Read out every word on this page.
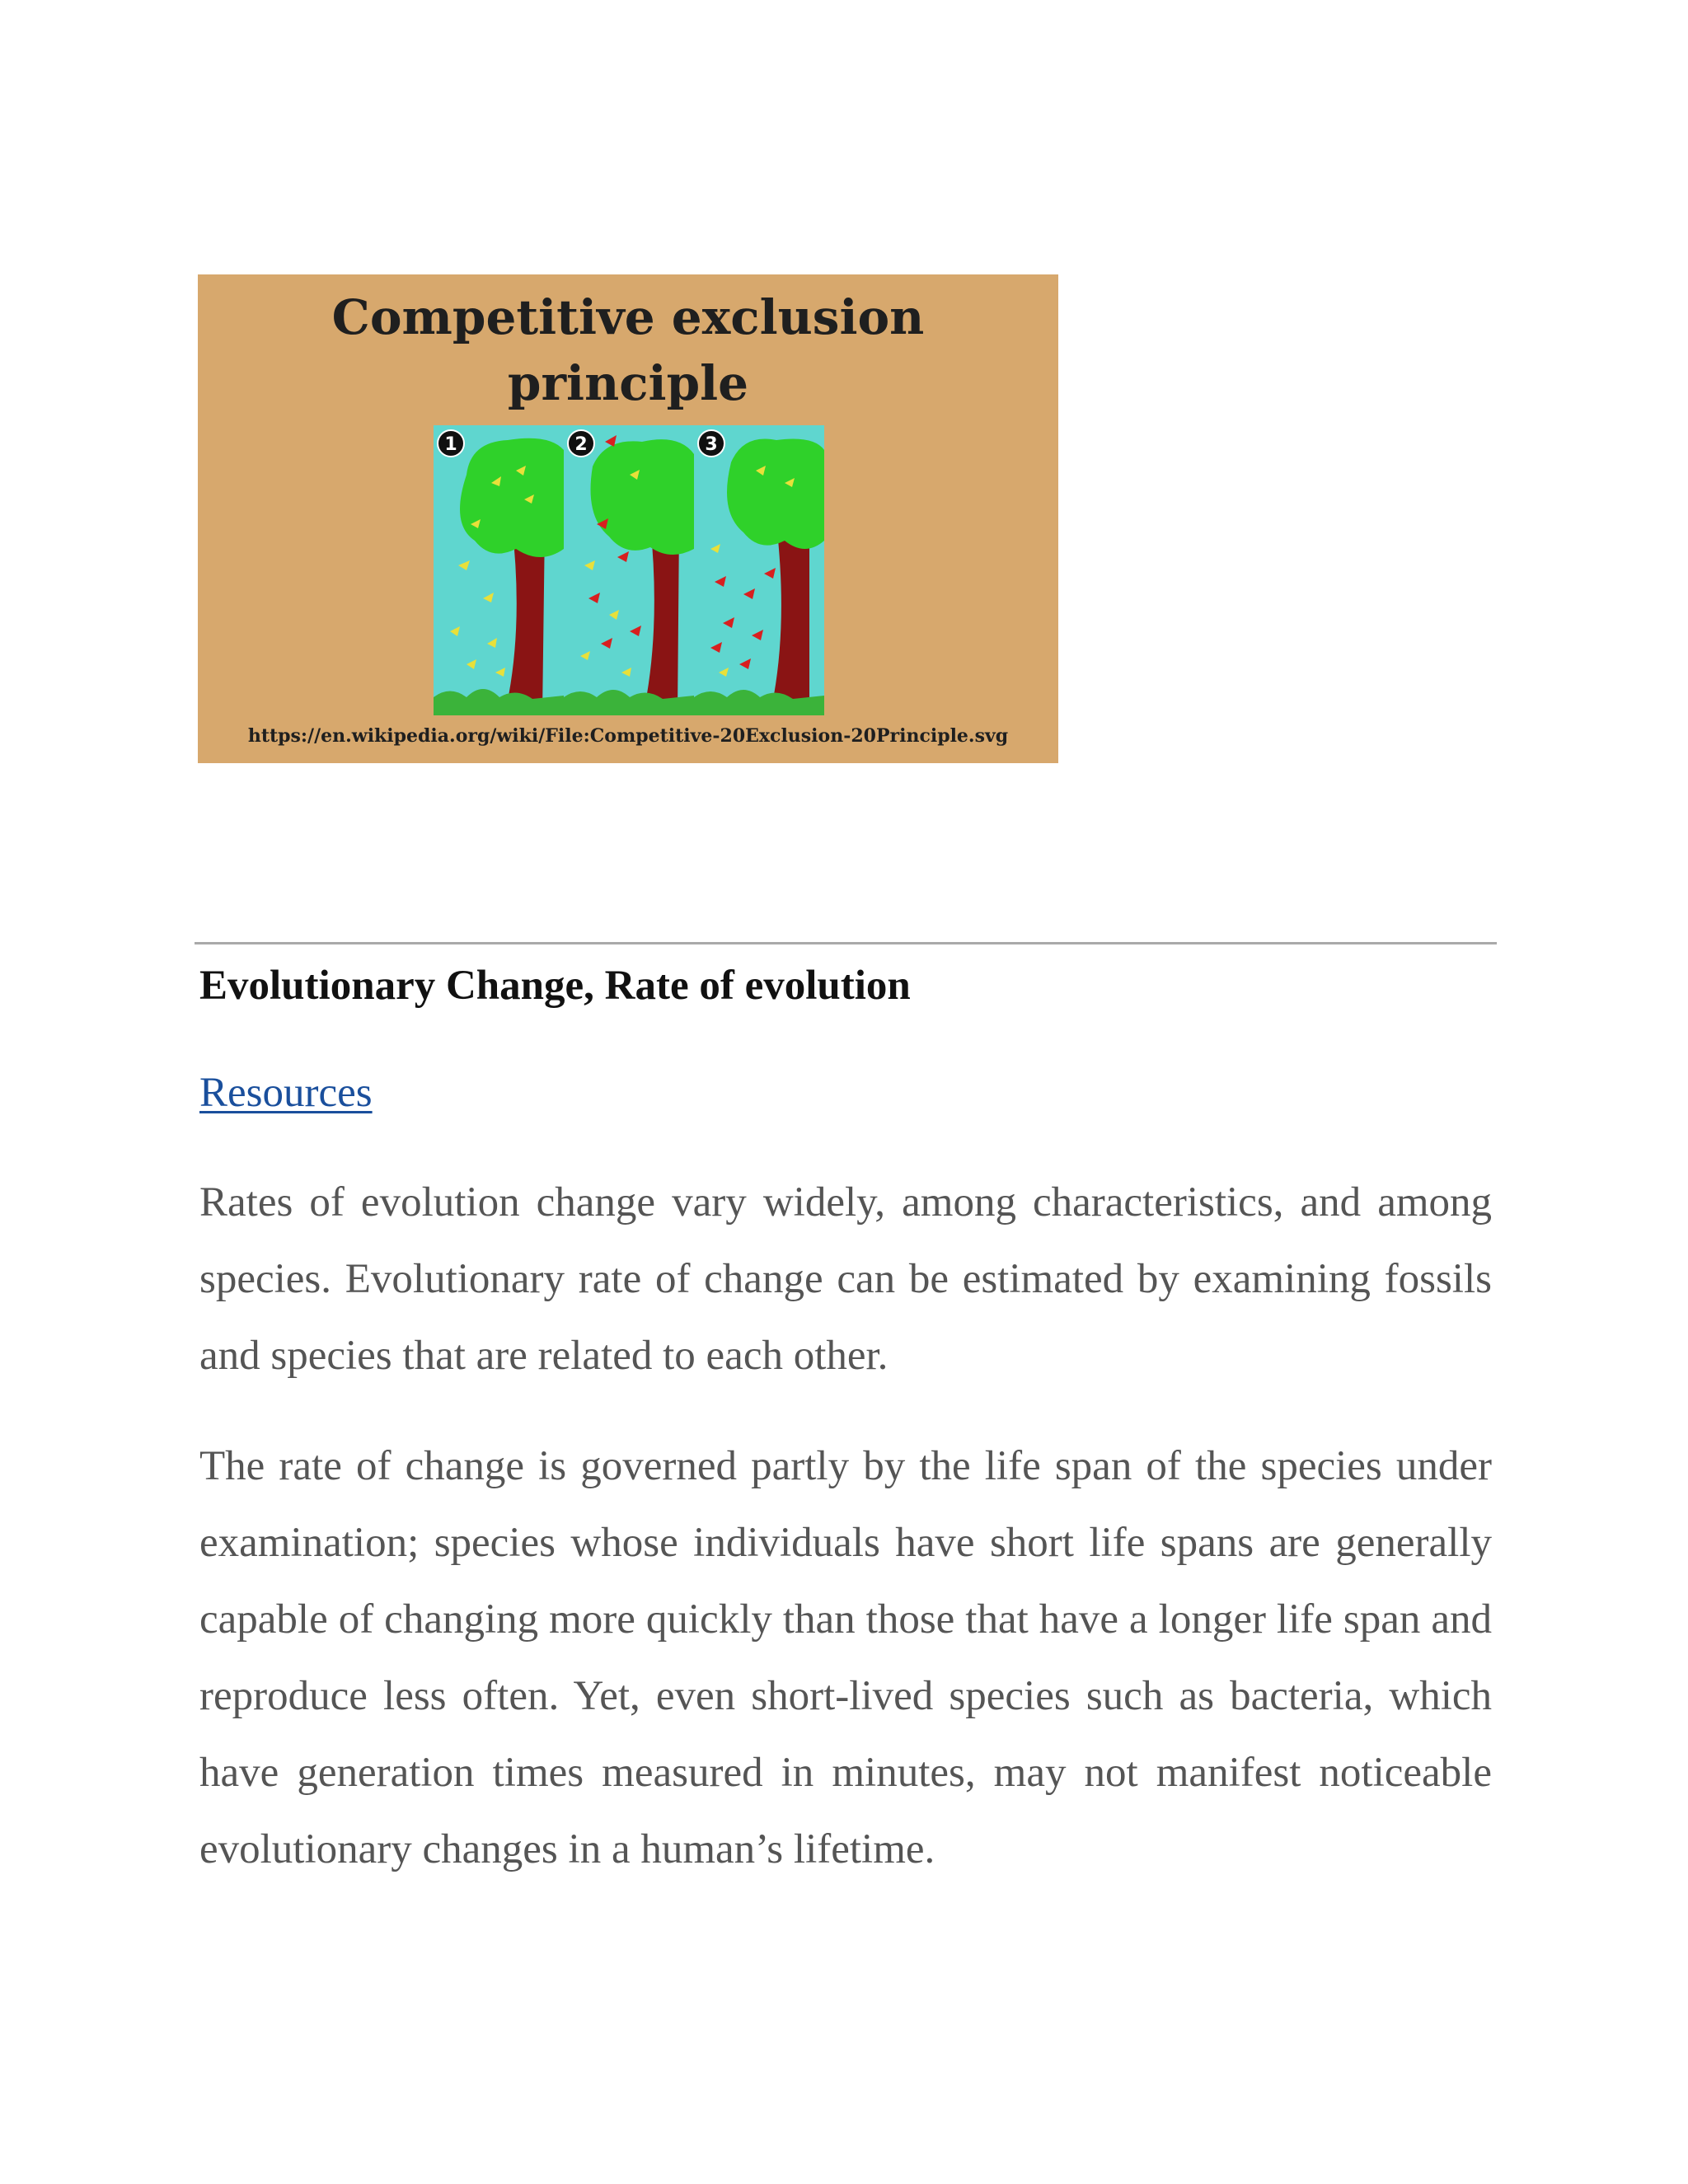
Competitive exclusion
principle
1	2	3
https://en.wikipedia.org/wiki/File:Competitive-20Exclusion-20Principle.svg
Evolutionary Change, Rate of evolution
Resources

Rates of evolution change vary widely, among characteristics, and among species. Evolutionary rate of change can be estimated by examining fossils and species that are related to each other.

The rate of change is governed partly by the life span of the species under examination; species whose individuals have short life spans are generally capable of changing more quickly than those that have a longer life span and reproduce less often. Yet, even short-lived species such as bacteria, which have generation times measured in minutes, may not manifest noticeable evolutionary changes in a human’s lifetime.
